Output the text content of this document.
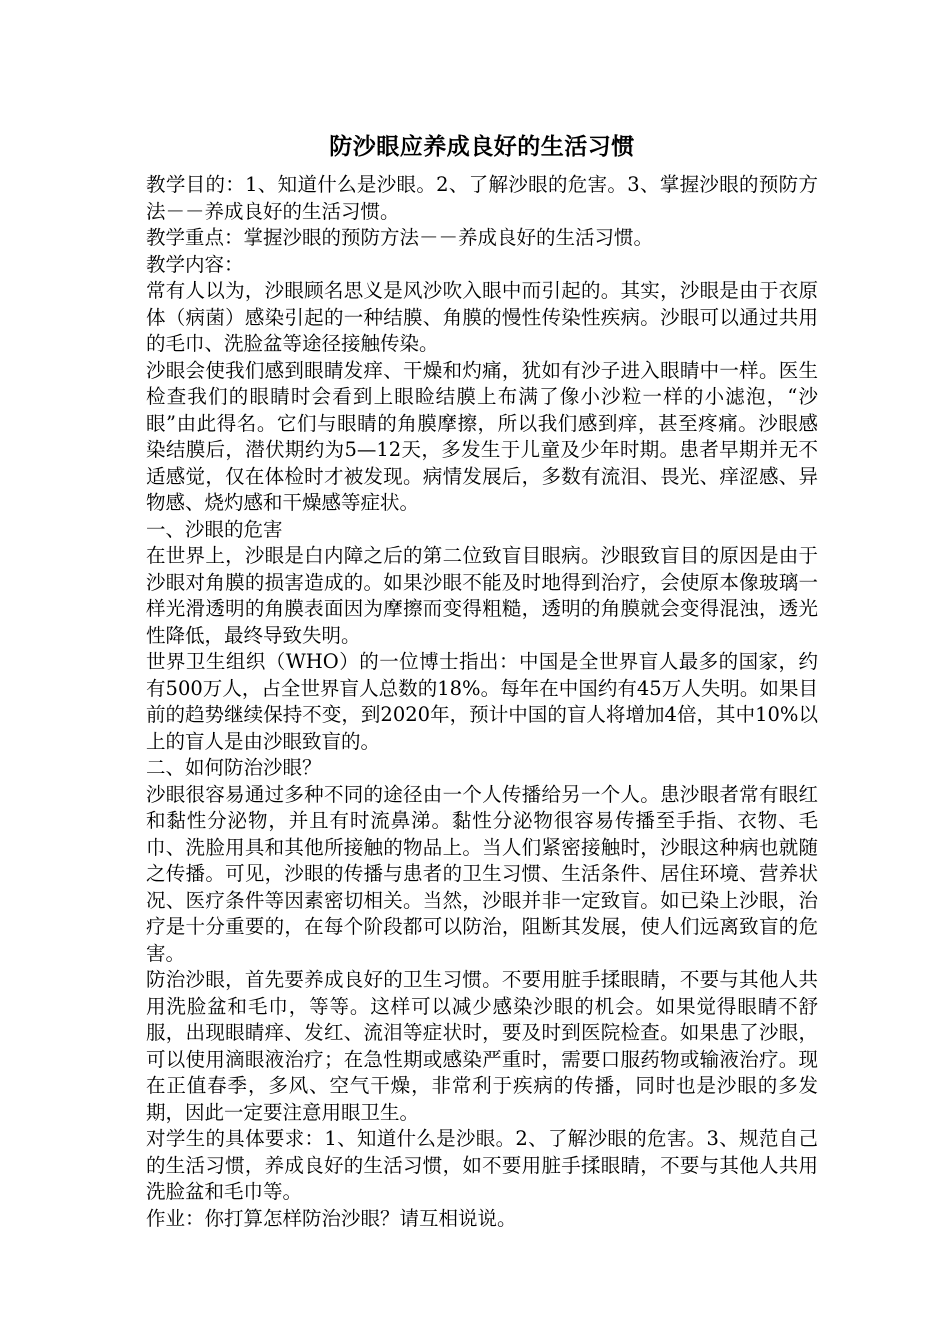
防沙眼应养成良好的生活习惯

教学目的：1、知道什么是沙眼。2、了解沙眼的危害。3、掌握沙眼的预防方法－－养成良好的生活习惯。

教学重点：掌握沙眼的预防方法－－养成良好的生活习惯。

教学内容：

常有人以为，沙眼顾名思义是风沙吹入眼中而引起的。其实，沙眼是由于衣原体（病菌）感染引起的一种结膜、角膜的慢性传染性疾病。沙眼可以通过共用的毛巾、洗脸盆等途径接触传染。

沙眼会使我们感到眼睛发痒、干燥和灼痛，犹如有沙子进入眼睛中一样。医生检查我们的眼睛时会看到上眼睑结膜上布满了像小沙粒一样的小滤泡，“沙眼”由此得名。它们与眼睛的角膜摩擦，所以我们感到痒，甚至疼痛。沙眼感染结膜后，潜伏期约为5—12天，多发生于儿童及少年时期。患者早期并无不适感觉，仅在体检时才被发现。病情发展后，多数有流泪、畏光、痒涩感、异物感、烧灼感和干燥感等症状。

一、沙眼的危害

在世界上，沙眼是白内障之后的第二位致盲目眼病。沙眼致盲目的原因是由于沙眼对角膜的损害造成的。如果沙眼不能及时地得到治疗，会使原本像玻璃一样光滑透明的角膜表面因为摩擦而变得粗糙，透明的角膜就会变得混浊，透光性降低，最终导致失明。

世界卫生组织（WHO）的一位博士指出：中国是全世界盲人最多的国家，约有500万人，占全世界盲人总数的18%。每年在中国约有45万人失明。如果目前的趋势继续保持不变，到2020年，预计中国的盲人将增加4倍，其中10%以上的盲人是由沙眼致盲的。

二、如何防治沙眼？

沙眼很容易通过多种不同的途径由一个人传播给另一个人。患沙眼者常有眼红和黏性分泌物，并且有时流鼻涕。黏性分泌物很容易传播至手指、衣物、毛巾、洗脸用具和其他所接触的物品上。当人们紧密接触时，沙眼这种病也就随之传播。可见，沙眼的传播与患者的卫生习惯、生活条件、居住环境、营养状况、医疗条件等因素密切相关。当然，沙眼并非一定致盲。如已染上沙眼，治疗是十分重要的，在每个阶段都可以防治，阻断其发展，使人们远离致盲的危害。

防治沙眼，首先要养成良好的卫生习惯。不要用脏手揉眼睛，不要与其他人共用洗脸盆和毛巾，等等。这样可以减少感染沙眼的机会。如果觉得眼睛不舒服，出现眼睛痒、发红、流泪等症状时，要及时到医院检查。如果患了沙眼，可以使用滴眼液治疗；在急性期或感染严重时，需要口服药物或输液治疗。现在正值春季，多风、空气干燥，非常利于疾病的传播，同时也是沙眼的多发期，因此一定要注意用眼卫生。

对学生的具体要求：1、知道什么是沙眼。2、了解沙眼的危害。3、规范自己的生活习惯，养成良好的生活习惯，如不要用脏手揉眼睛，不要与其他人共用洗脸盆和毛巾等。

作业：你打算怎样防治沙眼？请互相说说。
